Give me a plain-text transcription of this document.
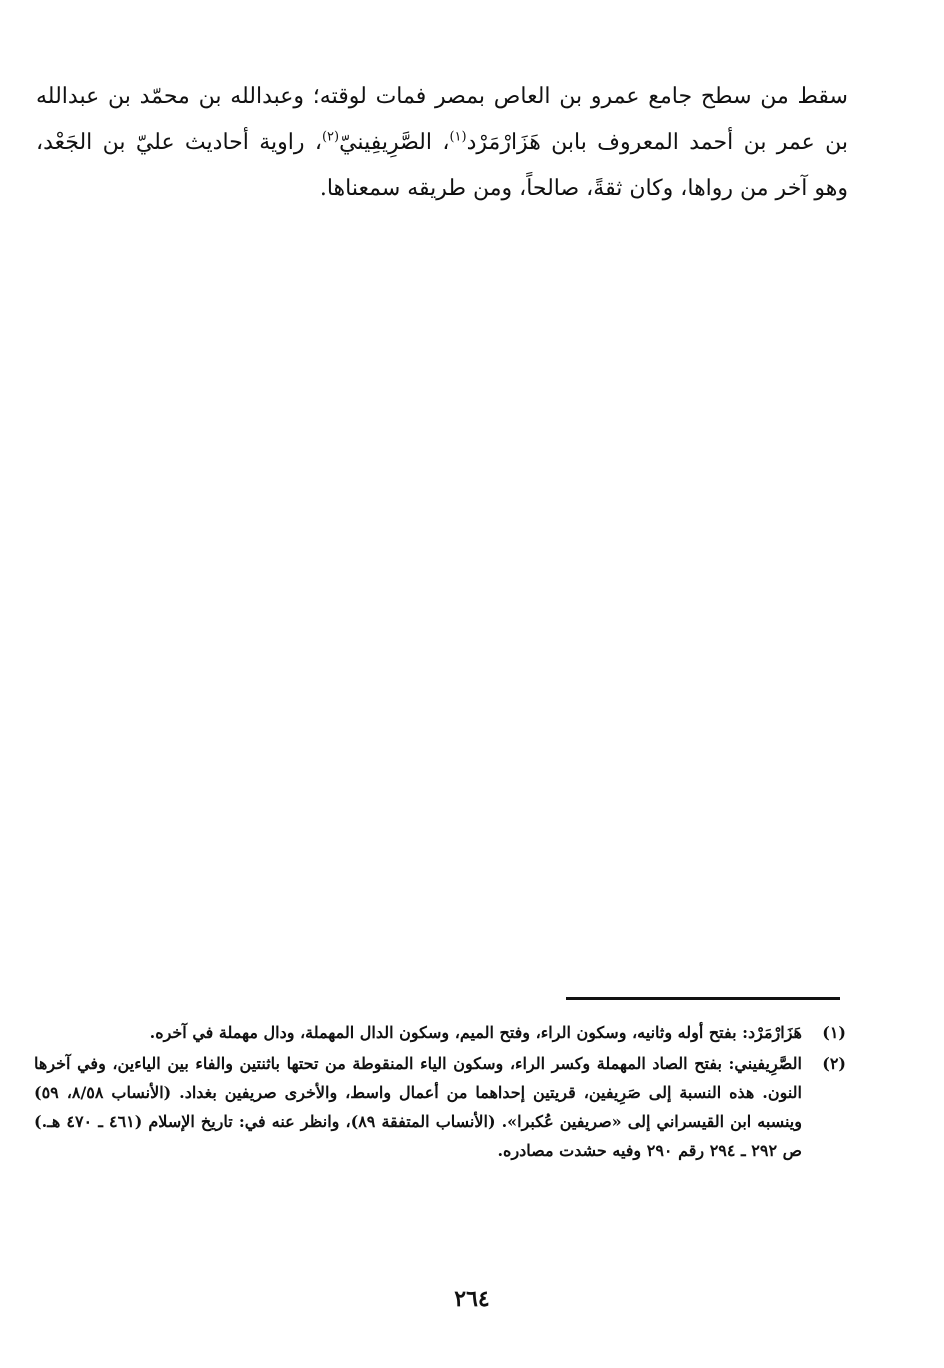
سقط من سطح جامع عمرو بن العاص بمصر فمات لوقته؛ وعبدالله بن محمّد بن عبدالله بن عمر بن أحمد المعروف بابن هَزَارْمَرْد$^{(١)}$، الصَّرِيفِينيّ$^{(٢)}$، راوية أحاديث عليّ بن الجَعْد، وهو آخر من رواها، وكان ثقةً، صالحاً، ومن طريقه سمعناها.

(١)
هَزَارْمَرْد: بفتح أوله وثانيه، وسكون الراء، وفتح الميم، وسكون الدال المهملة، ودال مهملة في آخره.
(٢)
الصَّرِيفيني: بفتح الصاد المهملة وكسر الراء، وسكون الياء المنقوطة من تحتها باثنتين والفاء بين الياءين، وفي آخرها النون. هذه النسبة إلى صَرِيفين، قريتين إحداهما من أعمال واسط، والأخرى صريفين بغداد. (الأنساب ٨/٥٨، ٥٩) وينسبه ابن القيسراني إلى «صريفين عُكبرا». (الأنساب المتفقة ٨٩)، وانظر عنه في: تاريخ الإسلام (٤٦١ ـ ٤٧٠ هـ.) ص ٢٩٢ ـ ٢٩٤ رقم ٢٩٠ وفيه حشدت مصادره.
٢٦٤
